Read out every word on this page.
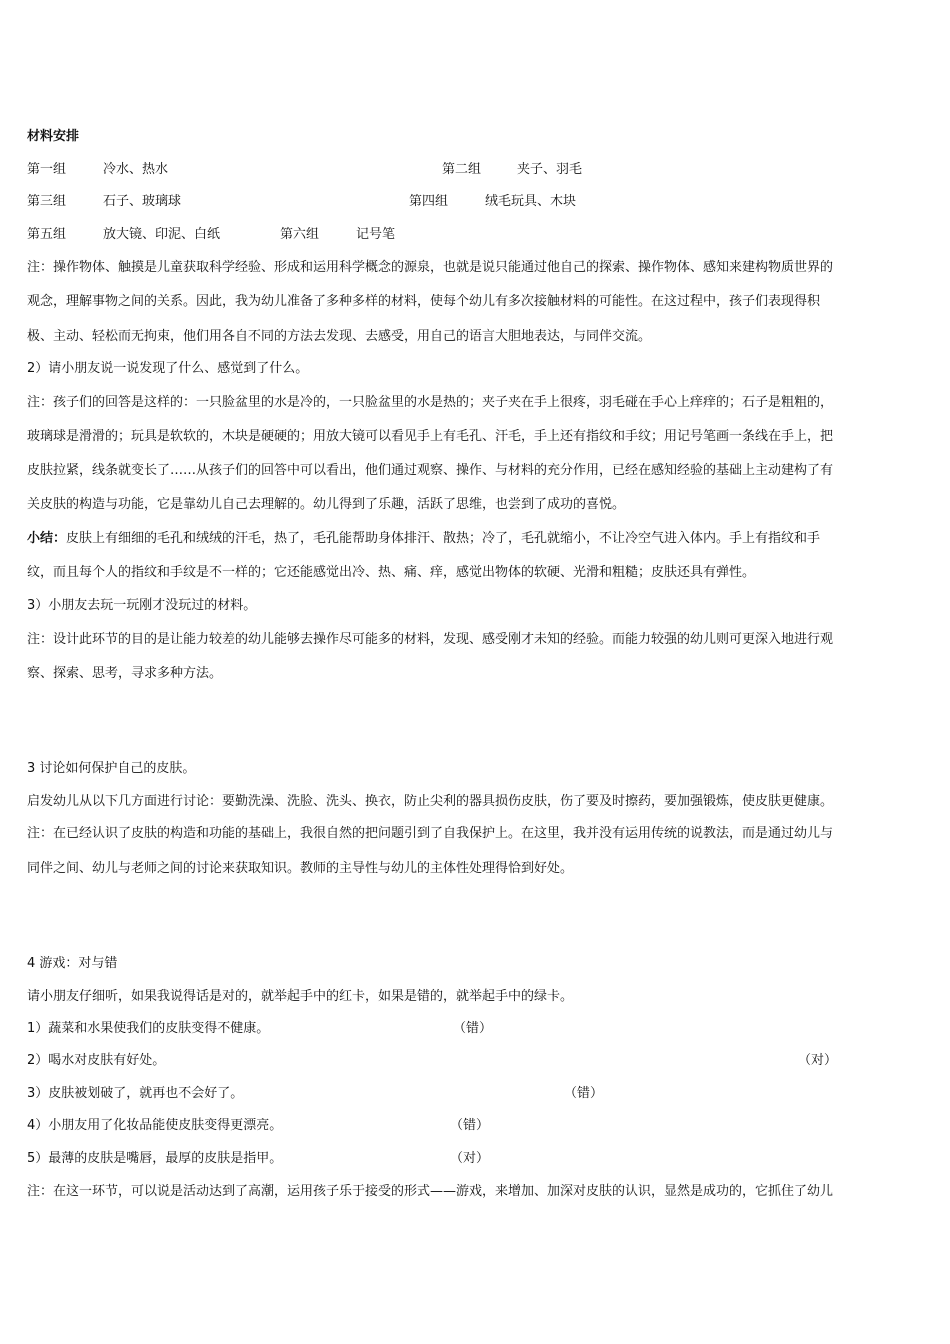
材料安排
第一组	冷水、热水	第二组	夹子、羽毛
第三组	石子、玻璃球	第四组	绒毛玩具、木块
第五组	放大镜、印泥、白纸	第六组	记号笔
注：操作物体、触摸是儿童获取科学经验、形成和运用科学概念的源泉，也就是说只能通过他自己的探索、操作物体、感知来建构物质世界的
观念，理解事物之间的关系。因此，我为幼儿准备了多种多样的材料，使每个幼儿有多次接触材料的可能性。在这过程中，孩子们表现得积
极、主动、轻松而无拘束，他们用各自不同的方法去发现、去感受，用自己的语言大胆地表达，与同伴交流。
2）请小朋友说一说发现了什么、感觉到了什么。
注：孩子们的回答是这样的：一只脸盆里的水是冷的，一只脸盆里的水是热的；夹子夹在手上很疼，羽毛碰在手心上痒痒的；石子是粗粗的，
玻璃球是滑滑的；玩具是软软的，木块是硬硬的；用放大镜可以看见手上有毛孔、汗毛，手上还有指纹和手纹；用记号笔画一条线在手上，把
皮肤拉紧，线条就变长了……从孩子们的回答中可以看出，他们通过观察、操作、与材料的充分作用，已经在感知经验的基础上主动建构了有
关皮肤的构造与功能，它是靠幼儿自己去理解的。幼儿得到了乐趣，活跃了思维，也尝到了成功的喜悦。
小结：皮肤上有细细的毛孔和绒绒的汗毛，热了，毛孔能帮助身体排汗、散热；冷了，毛孔就缩小，不让冷空气进入体内。手上有指纹和手
纹，而且每个人的指纹和手纹是不一样的；它还能感觉出冷、热、痛、痒，感觉出物体的软硬、光滑和粗糙；皮肤还具有弹性。
3）小朋友去玩一玩刚才没玩过的材料。
注：设计此环节的目的是让能力较差的幼儿能够去操作尽可能多的材料，发现、感受刚才未知的经验。而能力较强的幼儿则可更深入地进行观
察、探索、思考，寻求多种方法。
3 讨论如何保护自己的皮肤。
启发幼儿从以下几方面进行讨论：要勤洗澡、洗脸、洗头、换衣，防止尖利的器具损伤皮肤，伤了要及时擦药，要加强锻炼，使皮肤更健康。
注：在已经认识了皮肤的构造和功能的基础上，我很自然的把问题引到了自我保护上。在这里，我并没有运用传统的说教法，而是通过幼儿与
同伴之间、幼儿与老师之间的讨论来获取知识。教师的主导性与幼儿的主体性处理得恰到好处。
4 游戏：对与错
请小朋友仔细听，如果我说得话是对的，就举起手中的红卡，如果是错的，就举起手中的绿卡。
1）蔬菜和水果使我们的皮肤变得不健康。	（错）
2）喝水对皮肤有好处。	（对）
3）皮肤被划破了，就再也不会好了。	（错）
4）小朋友用了化妆品能使皮肤变得更漂亮。	（错）
5）最薄的皮肤是嘴唇，最厚的皮肤是指甲。	（对）
注：在这一环节，可以说是活动达到了高潮，运用孩子乐于接受的形式——游戏，来增加、加深对皮肤的认识，显然是成功的，它抓住了幼儿
